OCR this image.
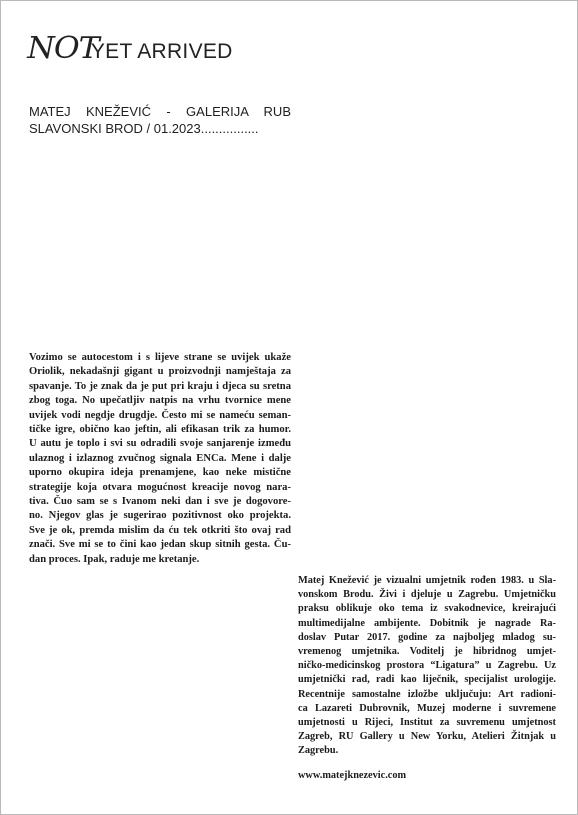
NOTYET ARRIVED
MATEJ KNEŽEVIĆ - GALERIJA RUB
SLAVONSKI BROD / 01.2023................
Vozimo se autocestom i s lijeve strane se uvijek ukaže
Oriolik, nekadašnji gigant u proizvodnji namještaja za
spavanje. To je znak da je put pri kraju i djeca su sretna
zbog toga. No upečatljiv natpis na vrhu tvornice mene
uvijek vodi negdje drugdje. Često mi se nameću seman-
tičke igre, obično kao jeftin, ali efikasan trik za humor.
U autu je toplo i svi su odradili svoje sanjarenje između
ulaznog i izlaznog zvučnog signala ENCa. Mene i dalje
uporno okupira ideja prenamjene, kao neke mistične
strategije koja otvara mogućnost kreacije novog nara-
tiva. Čuo sam se s Ivanom neki dan i sve je dogovore-
no. Njegov glas je sugerirao pozitivnost oko projekta.
Sve je ok, premda mislim da ću tek otkriti što ovaj rad
znači. Sve mi se to čini kao jedan skup sitnih gesta. Ču-
dan proces. Ipak, raduje me kretanje.
Matej Knežević je vizualni umjetnik rođen 1983. u Sla-
vonskom Brodu. Živi i djeluje u Zagrebu. Umjetničku
praksu oblikuje oko tema iz svakodnevice, kreirajući
multimedijalne ambijente. Dobitnik je nagrade Ra-
doslav Putar 2017. godine za najboljeg mladog su-
vremenog umjetnika. Voditelj je hibridnog umjet-
ničko-medicinskog prostora “Ligatura” u Zagrebu. Uz
umjetnički rad, radi kao liječnik, specijalist urologije.
Recentnije samostalne izložbe uključuju: Art radioni-
ca Lazareti Dubrovnik, Muzej moderne i suvremene
umjetnosti u Rijeci, Institut za suvremenu umjetnost
Zagreb, RU Gallery u New Yorku, Atelieri Žitnjak u
Zagrebu.
www.matejknezevic.com
